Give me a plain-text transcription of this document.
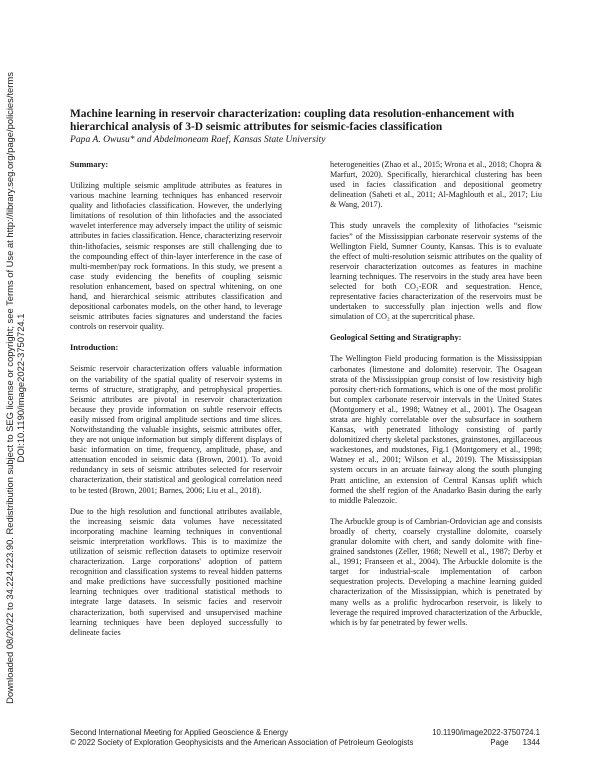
Downloaded 08/20/22 to 34.224.223.90. Redistribution subject to SEG license or copyright; see Terms of Use at http://library.seg.org/page/policies/terms DOI:10.1190/image2022-3750724.1
Machine learning in reservoir characterization: coupling data resolution-enhancement with hierarchical analysis of 3-D seismic attributes for seismic-facies classification

Papa A. Owusu* and Abdelmoneam Raef, Kansas State University

Summary:

Utilizing multiple seismic amplitude attributes as features in various machine learning techniques has enhanced reservoir quality and lithofacies classification. However, the underlying limitations of resolution of thin lithofacies and the associated wavelet interference may adversely impact the utility of seismic attributes in facies classification. Hence, characterizing reservoir thin-lithofacies, seismic responses are still challenging due to the compounding effect of thin-layer interference in the case of multi-member/pay rock formations. In this study, we present a case study evidencing the benefits of coupling seismic resolution enhancement, based on spectral whitening, on one hand, and hierarchical seismic attributes classification and depositional carbonates models, on the other hand, to leverage seismic attributes facies signatures and understand the facies controls on reservoir quality.

Introduction:

Seismic reservoir characterization offers valuable information on the variability of the spatial quality of reservoir systems in terms of structure, stratigraphy, and petrophysical properties. Seismic attributes are pivotal in reservoir characterization because they provide information on subtle reservoir effects easily missed from original amplitude sections and time slices. Notwithstanding the valuable insights, seismic attributes offer, they are not unique information but simply different displays of basic information on time, frequency, amplitude, phase, and attenuation encoded in seismic data (Brown, 2001). To avoid redundancy in sets of seismic attributes selected for reservoir characterization, their statistical and geological correlation need to be tested (Brown, 2001; Barnes, 2006; Liu et al., 2018).

Due to the high resolution and functional attributes available, the increasing seismic data volumes have necessitated incorporating machine learning techniques in conventional seismic interpretation workflows. This is to maximize the utilization of seismic reflection datasets to optimize reservoir characterization. Large corporations' adoption of pattern recognition and classification systems to reveal hidden patterns and make predictions have successfully positioned machine learning techniques over traditional statistical methods to integrate large datasets. In seismic facies and reservoir characterization, both supervised and unsupervised machine learning techniques have been deployed successfully to delineate facies

heterogeneities (Zhao et al., 2015; Wrona et al., 2018; Chopra & Marfurt, 2020). Specifically, hierarchical clustering has been used in facies classification and depositional geometry delineation (Saheti et al., 2011; Al-Maghlouth et al., 2017; Liu & Wang, 2017).

This study unravels the complexity of lithofacies “seismic facies” of the Mississippian carbonate reservoir systems of the Wellington Field, Sumner County, Kansas. This is to evaluate the effect of multi-resolution seismic attributes on the quality of reservoir characterization outcomes as features in machine learning techniques. The reservoirs in the study area have been selected for both CO₂-EOR and sequestration. Hence, representative facies characterization of the reservoirs must be undertaken to successfully plan injection wells and flow simulation of CO₂ at the supercritical phase.

Geological Setting and Stratigraphy:

The Wellington Field producing formation is the Mississippian carbonates (limestone and dolomite) reservoir. The Osagean strata of the Mississippian group consist of low resistivity high porosity chert-rich formations, which is one of the most prolific but complex carbonate reservoir intervals in the United States (Montgomery et al., 1998; Watney et al., 2001). The Osagean strata are highly correlatable over the subsurface in southern Kansas, with penetrated lithology consisting of partly dolomitized cherty skeletal packstones, grainstones, argillaceous wackestones, and mudstones, Fig.1 (Montgomery et al., 1998; Watney et al., 2001; Wilson et al., 2019). The Mississippian system occurs in an arcuate fairway along the south plunging Pratt anticline, an extension of Central Kansas uplift which formed the shelf region of the Anadarko Basin during the early to middle Paleozoic.

The Arbuckle group is of Cambrian-Ordovician age and consists broadly of cherty, coarsely crystalline dolomite, coarsely granular dolomite with chert, and sandy dolomite with fine-grained sandstones (Zeller, 1968; Newell et al., 1987; Derby et al., 1991; Franseen et al., 2004). The Arbuckle dolomite is the target for industrial-scale implementation of carbon sequestration projects. Developing a machine learning guided characterization of the Mississippian, which is penetrated by many wells as a prolific hydrocarbon reservoir, is likely to leverage the required improved characterization of the Arbuckle, which is by far penetrated by fewer wells.

Second International Meeting for Applied Geoscience & Energy	10.1190/image2022-3750724.1
© 2022 Society of Exploration Geophysicists and the American Association of Petroleum Geologists	Page 1344
